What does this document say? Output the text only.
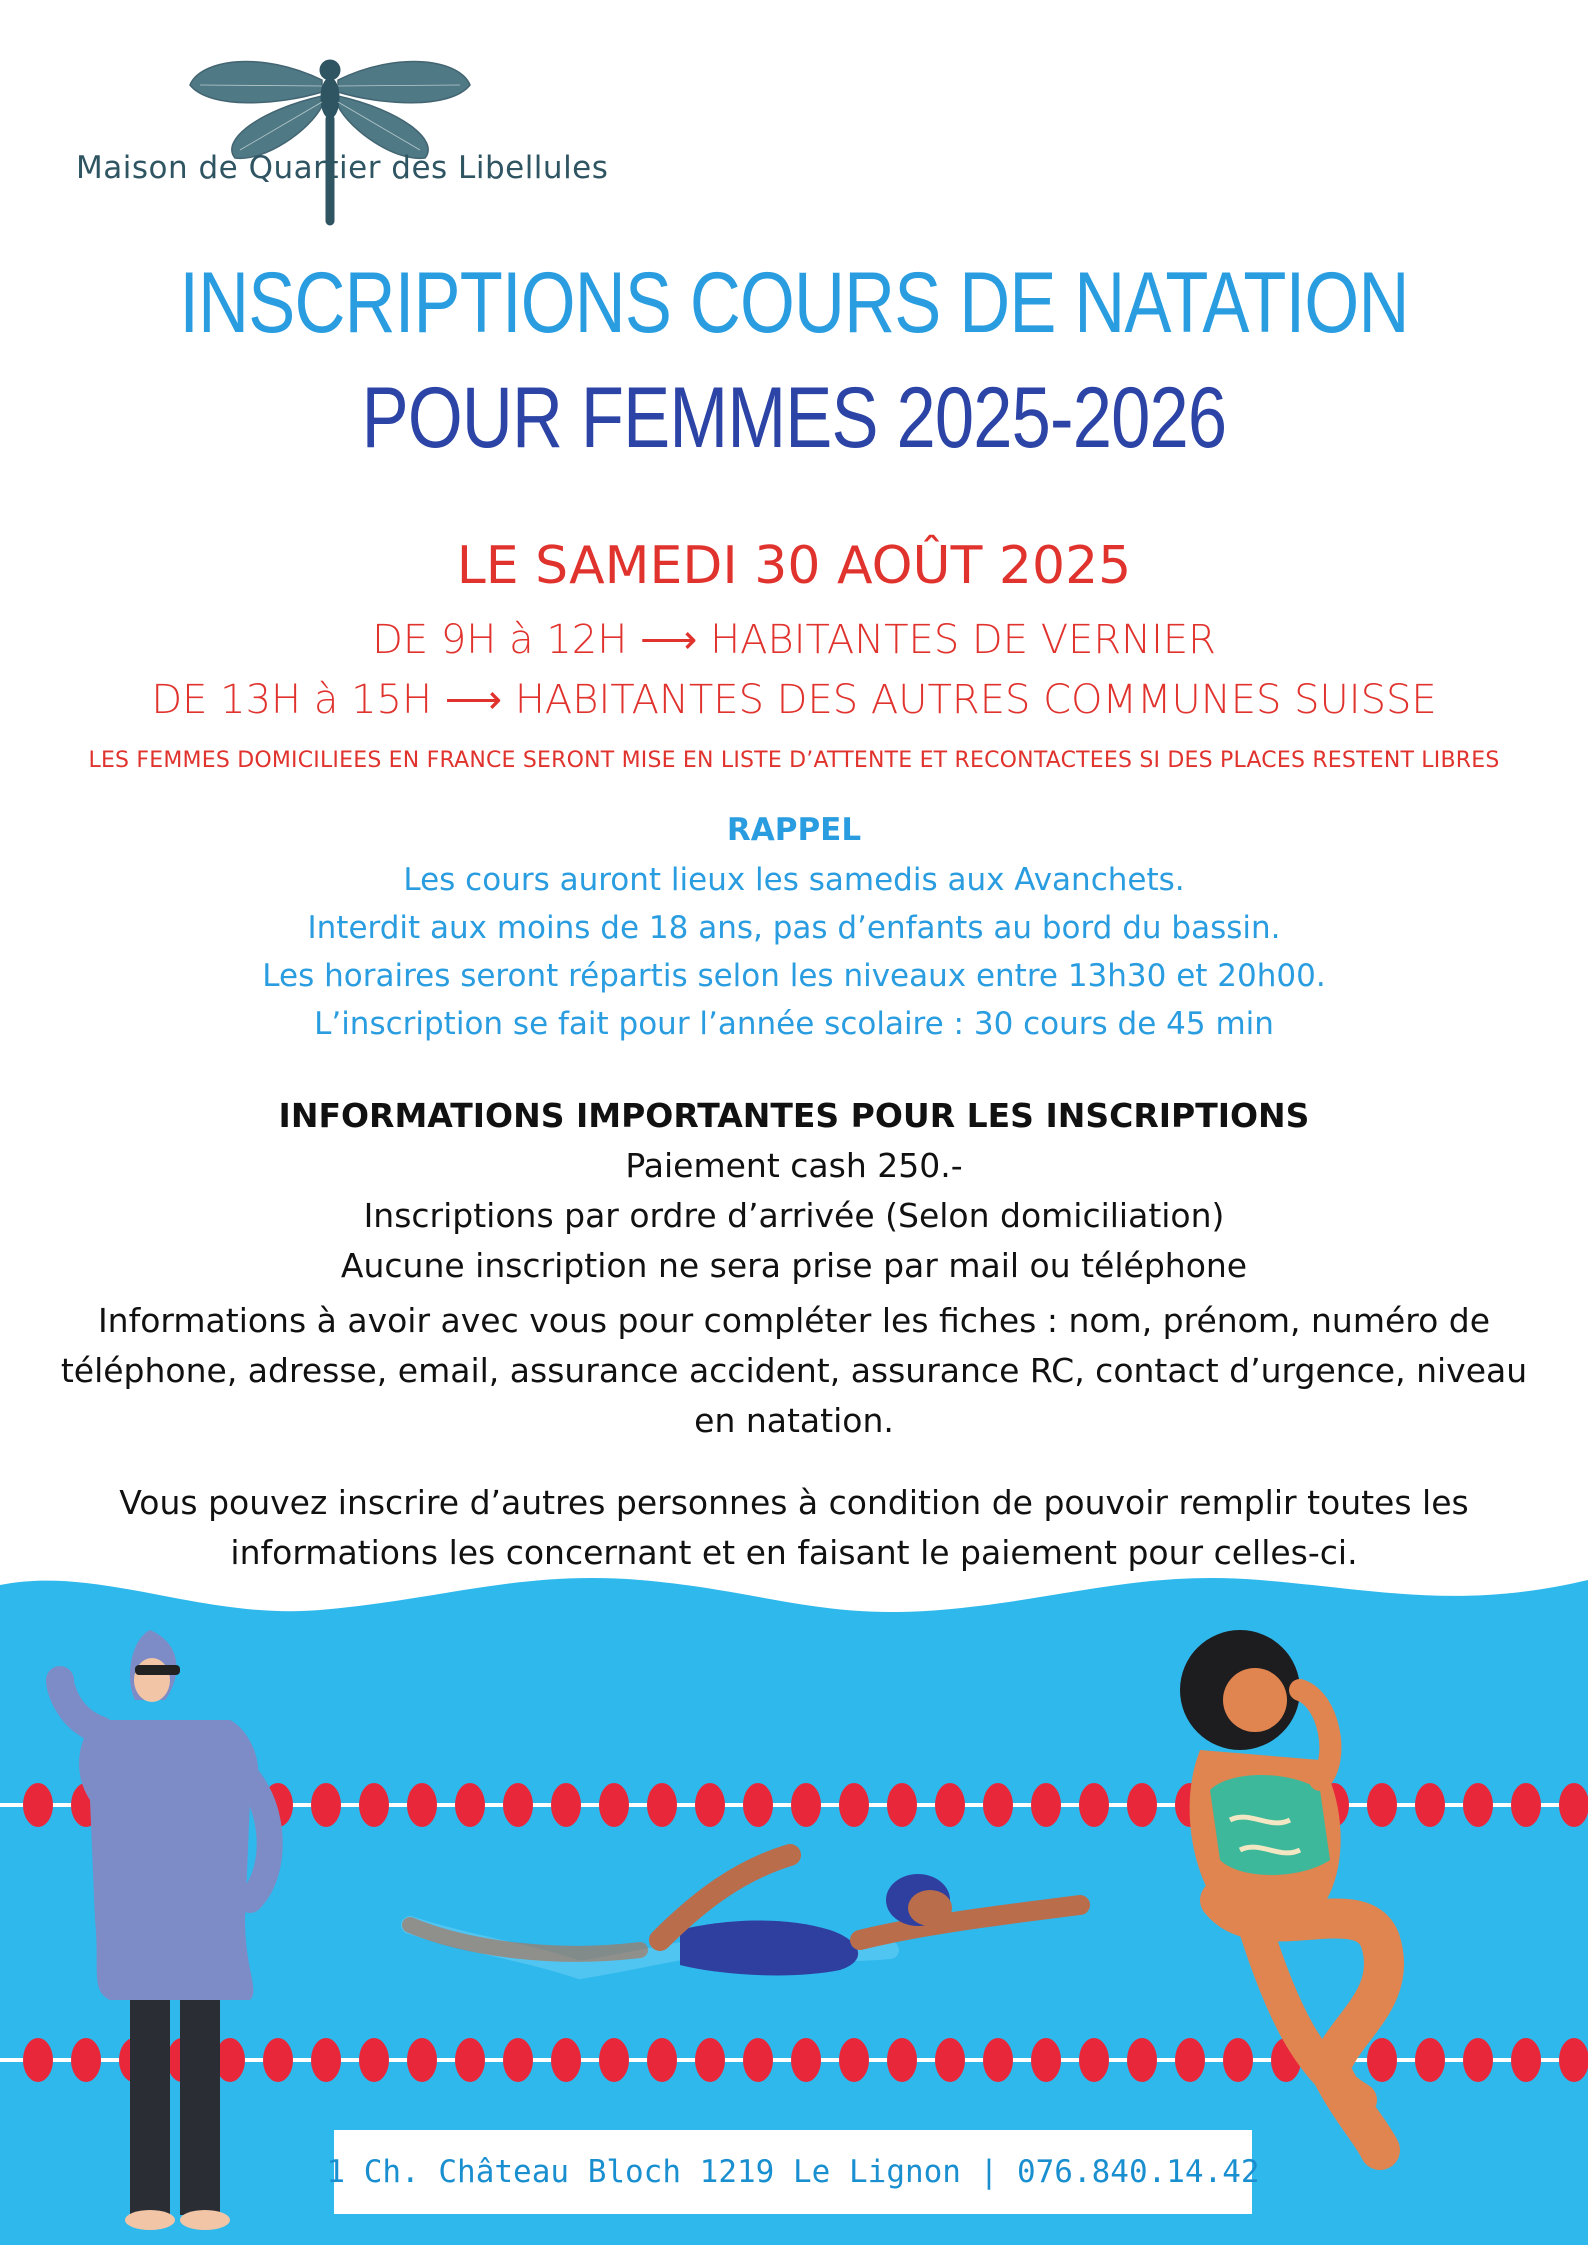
Maison de Quartier des Libellules
INSCRIPTIONS COURS DE NATATION
POUR FEMMES 2025-2026
LE SAMEDI 30 AOÛT 2025
DE 9H à 12H ⟶ HABITANTES DE VERNIER
DE 13H à 15H ⟶ HABITANTES DES AUTRES COMMUNES SUISSE
LES FEMMES DOMICILIEES EN FRANCE SERONT MISE EN LISTE D’ATTENTE ET RECONTACTEES SI DES PLACES RESTENT LIBRES
RAPPEL
Les cours auront lieux les samedis aux Avanchets.
Interdit aux moins de 18 ans, pas d’enfants au bord du bassin.
Les horaires seront répartis selon les niveaux entre 13h30 et 20h00.
L’inscription se fait pour l’année scolaire : 30 cours de 45 min
INFORMATIONS IMPORTANTES POUR LES INSCRIPTIONS
Paiement cash 250.-
Inscriptions par ordre d’arrivée (Selon domiciliation)
Aucune inscription ne sera prise par mail ou téléphone
Informations à avoir avec vous pour compléter les fiches : nom, prénom, numéro de téléphone, adresse, email, assurance accident, assurance RC, contact d’urgence, niveau en natation.
Vous pouvez inscrire d’autres personnes à condition de pouvoir remplir toutes les informations les concernant et en faisant le paiement pour celles-ci.
1 Ch. Château Bloch 1219 Le Lignon | 076.840.14.42
